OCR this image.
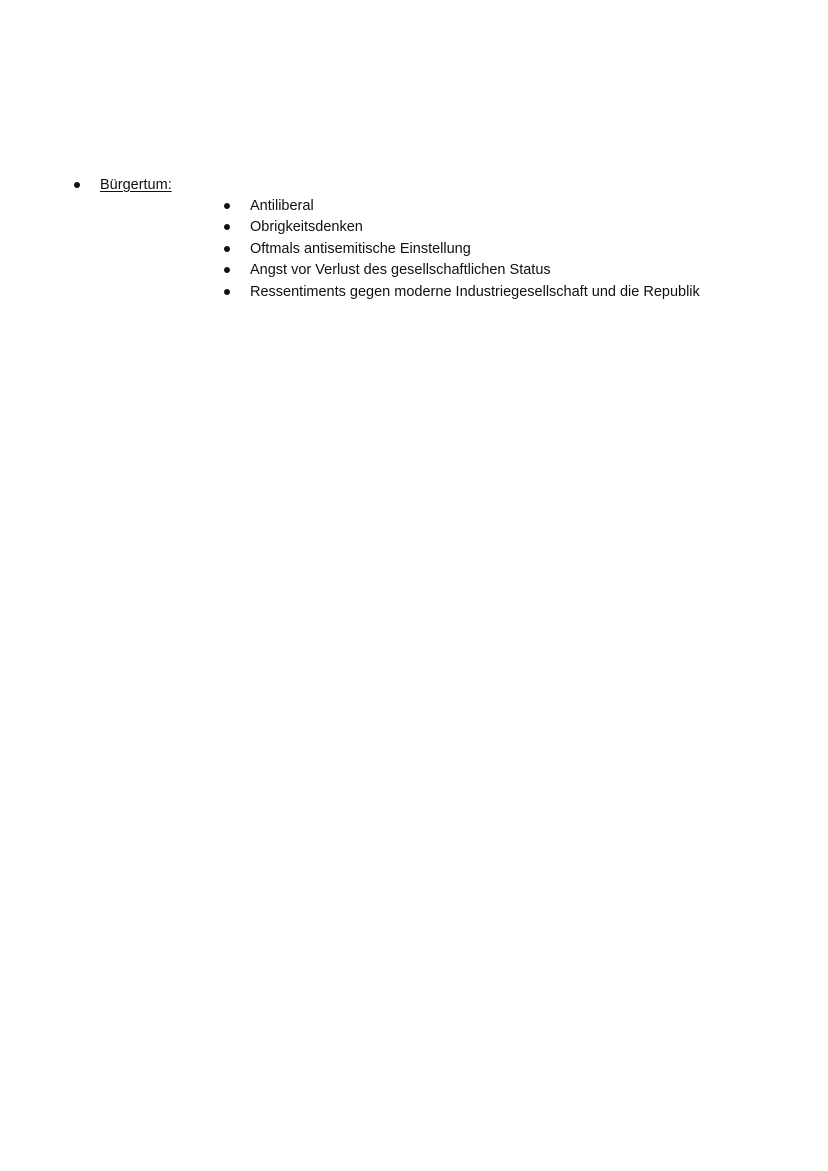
Bürgertum:
Antiliberal
Obrigkeitsdenken
Oftmals antisemitische Einstellung
Angst vor Verlust des gesellschaftlichen Status
Ressentiments gegen moderne Industriegesellschaft und die Republik
